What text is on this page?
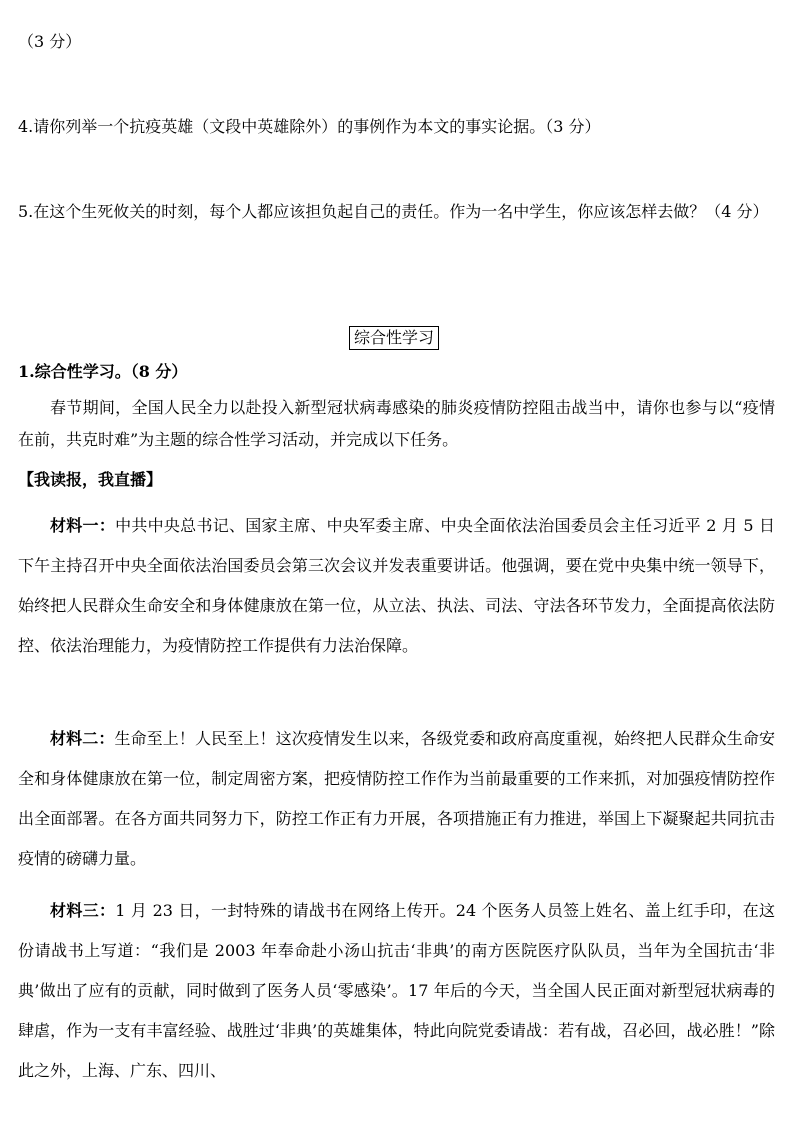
（3 分）
4.请你列举一个抗疫英雄（文段中英雄除外）的事例作为本文的事实论据。（3 分）
5.在这个生死攸关的时刻，每个人都应该担负起自己的责任。作为一名中学生，你应该怎样去做？（4 分）
综合性学习
1.综合性学习。（8 分）
春节期间，全国人民全力以赴投入新型冠状病毒感染的肺炎疫情防控阻击战当中，请你也参与以“疫情在前，共克时难”为主题的综合性学习活动，并完成以下任务。
【我读报，我直播】
材料一：中共中央总书记、国家主席、中央军委主席、中央全面依法治国委员会主任习近平 2 月 5 日下午主持召开中央全面依法治国委员会第三次会议并发表重要讲话。他强调，要在党中央集中统一领导下，始终把人民群众生命安全和身体健康放在第一位，从立法、执法、司法、守法各环节发力，全面提高依法防控、依法治理能力，为疫情防控工作提供有力法治保障。
材料二：生命至上！人民至上！这次疫情发生以来，各级党委和政府高度重视，始终把人民群众生命安全和身体健康放在第一位，制定周密方案，把疫情防控工作作为当前最重要的工作来抓，对加强疫情防控作出全面部署。在各方面共同努力下，防控工作正有力开展，各项措施正有力推进，举国上下凝聚起共同抗击疫情的磅礴力量。
材料三：1 月 23 日，一封特殊的请战书在网络上传开。24 个医务人员签上姓名、盖上红手印，在这份请战书上写道：“我们是 2003 年奉命赴小汤山抗击‘非典’的南方医院医疗队队员，当年为全国抗击‘非典’做出了应有的贡献，同时做到了医务人员‘零感染’。17 年后的今天，当全国人民正面对新型冠状病毒的肆虐，作为一支有丰富经验、战胜过‘非典’的英雄集体，特此向院党委请战：若有战，召必回，战必胜！”除此之外，上海、广东、四川、
